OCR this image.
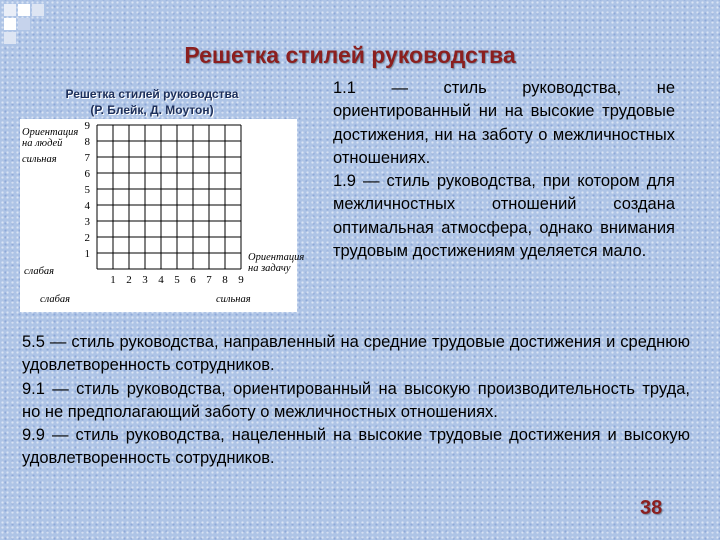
Решетка стилей руководства
Решетка стилей руководства
(Р. Блейк, Д. Моутон)
9
8
7
6
5
4
3
2
1
1 2 3 4 5 6 7 8 9
Ориентация
на людей
сильная
слабая
Ориентация
на задачу
слабая	сильная

1.1 — стиль руководства, не ориентированный ни на высокие трудовые достижения, ни на заботу о межличностных отношениях.

1.9 — стиль руководства, при котором для межличностных отношений создана оптимальная атмосфера, однако внимания трудовым достижениям уделяется мало.

5.5 — стиль руководства, направленный на средние трудовые достижения и среднюю удовлетворенность сотрудников.

9.1 — стиль руководства, ориентированный на высокую производительность труда, но не предполагающий заботу о межличностных отношениях.

9.9 — стиль руководства, нацеленный на высокие трудовые достижения и высокую удовлетворенность сотрудников.

38
